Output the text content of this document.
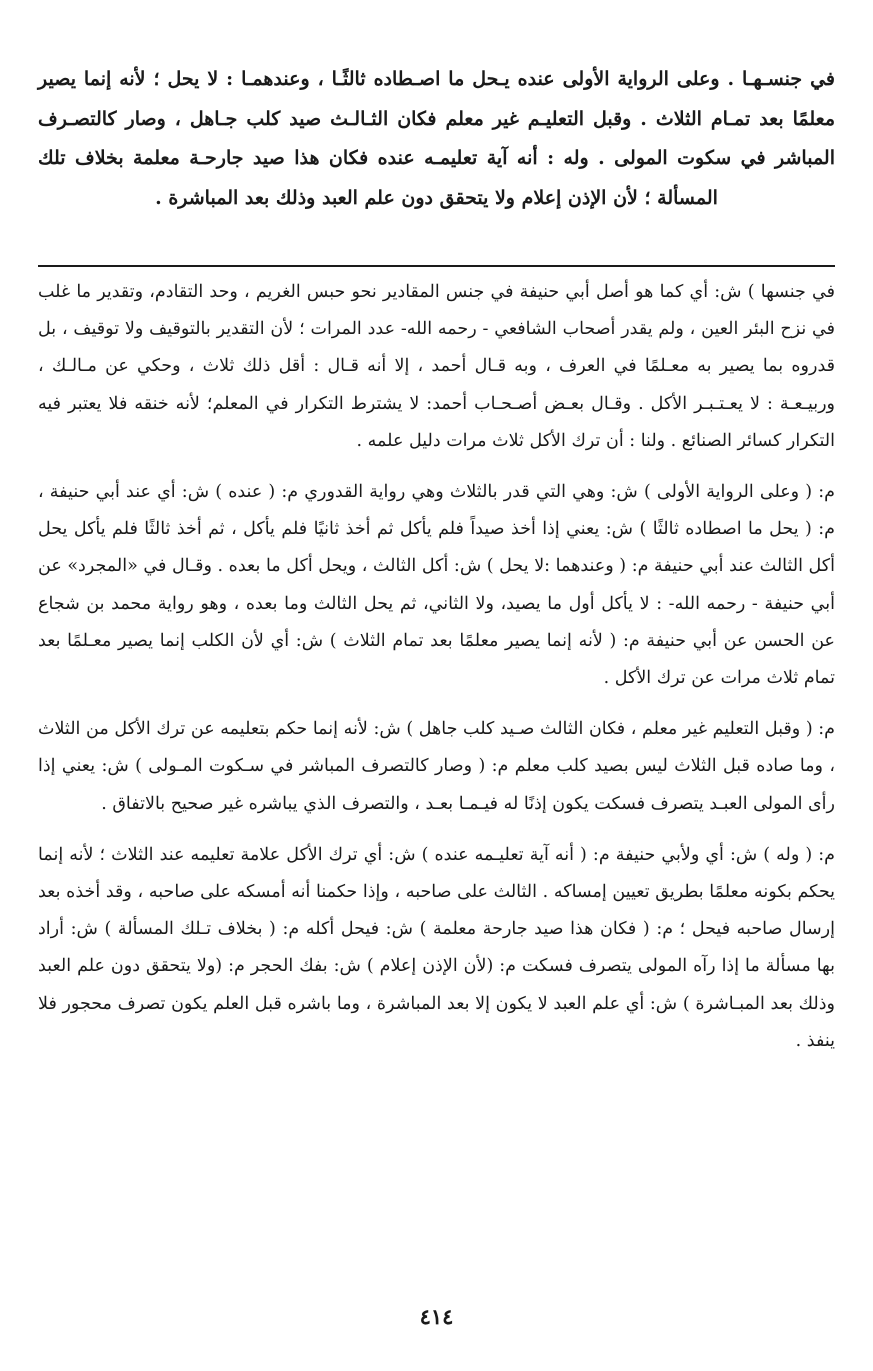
في جنسـهـا . وعلى الرواية الأولى عنده يـحل ما اصـطاده ثالثًـا ، وعندهمـا : لا يحل ؛ لأنه إنما يصير معلمًا بعد تمـام الثلاث . وقبل التعليـم غير معلم فكان الثـالـث صيد كلب جـاهل ، وصار كالتصـرف المباشر في سكوت المولى . وله : أنه آية تعليمـه عنده فكان هذا صيد جارحـة معلمة بخلاف تلك المسألة ؛ لأن الإذن إعلام ولا يتحقق دون علم العبد وذلك بعد المباشرة .

في جنسها ) ش: أي كما هو أصل أبي حنيفة في جنس المقادير نحو حبس الغريم ، وحد التقادم، وتقدير ما غلب في نزح البئر العين ، ولم يقدر أصحاب الشافعي - رحمه الله- عدد المرات ؛ لأن التقدير بالتوقيف ولا توقيف ، بل قدروه بما يصير به معـلمًا في العرف ، وبه قـال أحمد ، إلا أنه قـال : أقل ذلك ثلاث ، وحكي عن مـالـك ، وربيـعـة : لا يعـتـبـر الأكل . وقـال بعـض أصـحـاب أحمد: لا يشترط التكرار في المعلم؛ لأنه خنقه فلا يعتبر فيه التكرار كسائر الصنائع . ولنا : أن ترك الأكل ثلاث مرات دليل علمه .

م: ( وعلى الرواية الأولى ) ش: وهي التي قدر بالثلاث وهي رواية القدوري م: ( عنده ) ش: أي عند أبي حنيفة ، م: ( يحل ما اصطاده ثالثًا ) ش: يعني إذا أخذ صيداً فلم يأكل ثم أخذ ثانيًا فلم يأكل ، ثم أخذ ثالثًا فلم يأكل يحل أكل الثالث عند أبي حنيفة م: ( وعندهما :لا يحل ) ش: أكل الثالث ، ويحل أكل ما بعده . وقـال في «المجرد» عن أبي حنيفة - رحمه الله- : لا يأكل أول ما يصيد، ولا الثاني، ثم يحل الثالث وما بعده ، وهو رواية محمد بن شجاع عن الحسن عن أبي حنيفة م: ( لأنه إنما يصير معلمًا بعد تمام الثلاث ) ش: أي لأن الكلب إنما يصير معـلمًا بعد تمام ثلاث مرات عن ترك الأكل .

م: ( وقبل التعليم غير معلم ، فكان الثالث صـيد كلب جاهل ) ش: لأنه إنما حكم بتعليمه عن ترك الأكل من الثلاث ، وما صاده قبل الثلاث ليس بصيد كلب معلم م: ( وصار كالتصرف المباشر في سـكوت المـولى ) ش: يعني إذا رأى المولى العبـد يتصرف فسكت يكون إذنًا له فيـمـا بعـد ، والتصرف الذي يباشره غير صحيح بالاتفاق .

م: ( وله ) ش: أي ولأبي حنيفة م: ( أنه آية تعليـمه عنده ) ش: أي ترك الأكل علامة تعليمه عند الثلاث ؛ لأنه إنما يحكم بكونه معلمًا بطريق تعيين إمساكه . الثالث على صاحبه ، وإذا حكمنا أنه أمسكه على صاحبه ، وقد أخذه بعد إرسال صاحبه فيحل ؛ م: ( فكان هذا صيد جارحة معلمة ) ش: فيحل أكله م: ( بخلاف تـلك المسألة ) ش: أراد بها مسألة ما إذا رآه المولى يتصرف فسكت م: (لأن الإذن إعلام ) ش: بفك الحجر م: (ولا يتحقق دون علم العبد وذلك بعد المبـاشرة ) ش: أي علم العبد لا يكون إلا بعد المباشرة ، وما باشره قبل العلم يكون تصرف محجور فلا ينفذ .

٤١٤
